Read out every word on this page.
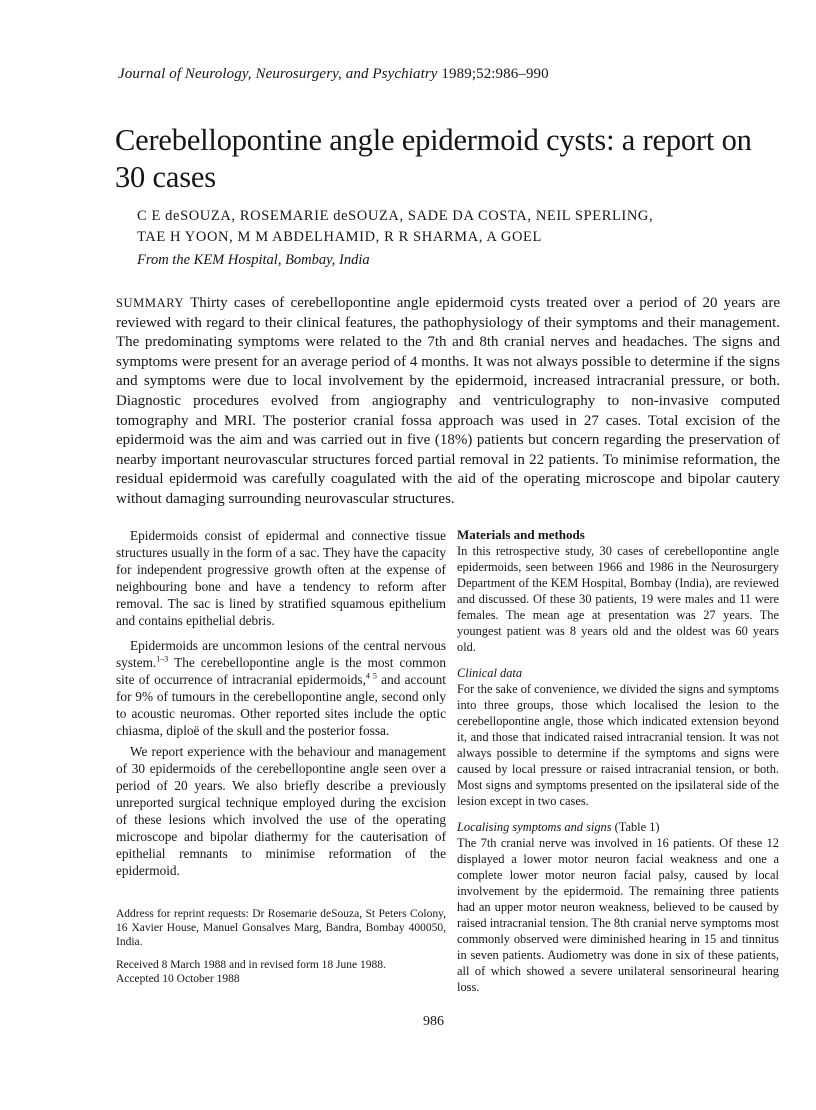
Journal of Neurology, Neurosurgery, and Psychiatry 1989;52:986–990
Cerebellopontine angle epidermoid cysts: a report on 30 cases
C E deSOUZA, ROSEMARIE deSOUZA, SADE DA COSTA, NEIL SPERLING,
TAE H YOON, M M ABDELHAMID, R R SHARMA, A GOEL
From the KEM Hospital, Bombay, India
SUMMARY Thirty cases of cerebellopontine angle epidermoid cysts treated over a period of 20 years are reviewed with regard to their clinical features, the pathophysiology of their symptoms and their management. The predominating symptoms were related to the 7th and 8th cranial nerves and headaches. The signs and symptoms were present for an average period of 4 months. It was not always possible to determine if the signs and symptoms were due to local involvement by the epidermoid, increased intracranial pressure, or both. Diagnostic procedures evolved from angiography and ventriculography to non-invasive computed tomography and MRI. The posterior cranial fossa approach was used in 27 cases. Total excision of the epidermoid was the aim and was carried out in five (18%) patients but concern regarding the preservation of nearby important neurovascular structures forced partial removal in 22 patients. To minimise reformation, the residual epidermoid was carefully coagulated with the aid of the operating microscope and bipolar cautery without damaging surrounding neurovascular structures.

Epidermoids consist of epidermal and connective tissue structures usually in the form of a sac. They have the capacity for independent progressive growth often at the expense of neighbouring bone and have a tendency to reform after removal. The sac is lined by stratified squamous epithelium and contains epithelial debris.

Epidermoids are uncommon lesions of the central nervous system.$^{1-3}$ The cerebellopontine angle is the most common site of occurrence of intracranial epidermoids,$^{4 5}$ and account for 9% of tumours in the cerebellopontine angle, second only to acoustic neuromas. Other reported sites include the optic chiasma, diploë of the skull and the posterior fossa.

We report experience with the behaviour and management of 30 epidermoids of the cerebellopontine angle seen over a period of 20 years. We also briefly describe a previously unreported surgical technique employed during the excision of these lesions which involved the use of the operating microscope and bipolar diathermy for the cauterisation of epithelial remnants to minimise reformation of the epidermoid.

Address for reprint requests: Dr Rosemarie deSouza, St Peters Colony, 16 Xavier House, Manuel Gonsalves Marg, Bandra, Bombay 400050, India.

Received 8 March 1988 and in revised form 18 June 1988.

Accepted 10 October 1988

Materials and methods

In this retrospective study, 30 cases of cerebellopontine angle epidermoids, seen between 1966 and 1986 in the Neurosurgery Department of the KEM Hospital, Bombay (India), are reviewed and discussed. Of these 30 patients, 19 were males and 11 were females. The mean age at presentation was 27 years. The youngest patient was 8 years old and the oldest was 60 years old.

Clinical data

For the sake of convenience, we divided the signs and symptoms into three groups, those which localised the lesion to the cerebellopontine angle, those which indicated extension beyond it, and those that indicated raised intracranial tension. It was not always possible to determine if the symptoms and signs were caused by local pressure or raised intracranial tension, or both. Most signs and symptoms presented on the ipsilateral side of the lesion except in two cases.

Localising symptoms and signs (Table 1)

The 7th cranial nerve was involved in 16 patients. Of these 12 displayed a lower motor neuron facial weakness and one a complete lower motor neuron facial palsy, caused by local involvement by the epidermoid. The remaining three patients had an upper motor neuron weakness, believed to be caused by raised intracranial tension. The 8th cranial nerve symptoms most commonly observed were diminished hearing in 15 and tinnitus in seven patients. Audiometry was done in six of these patients, all of which showed a severe unilateral sensorineural hearing loss.

986
